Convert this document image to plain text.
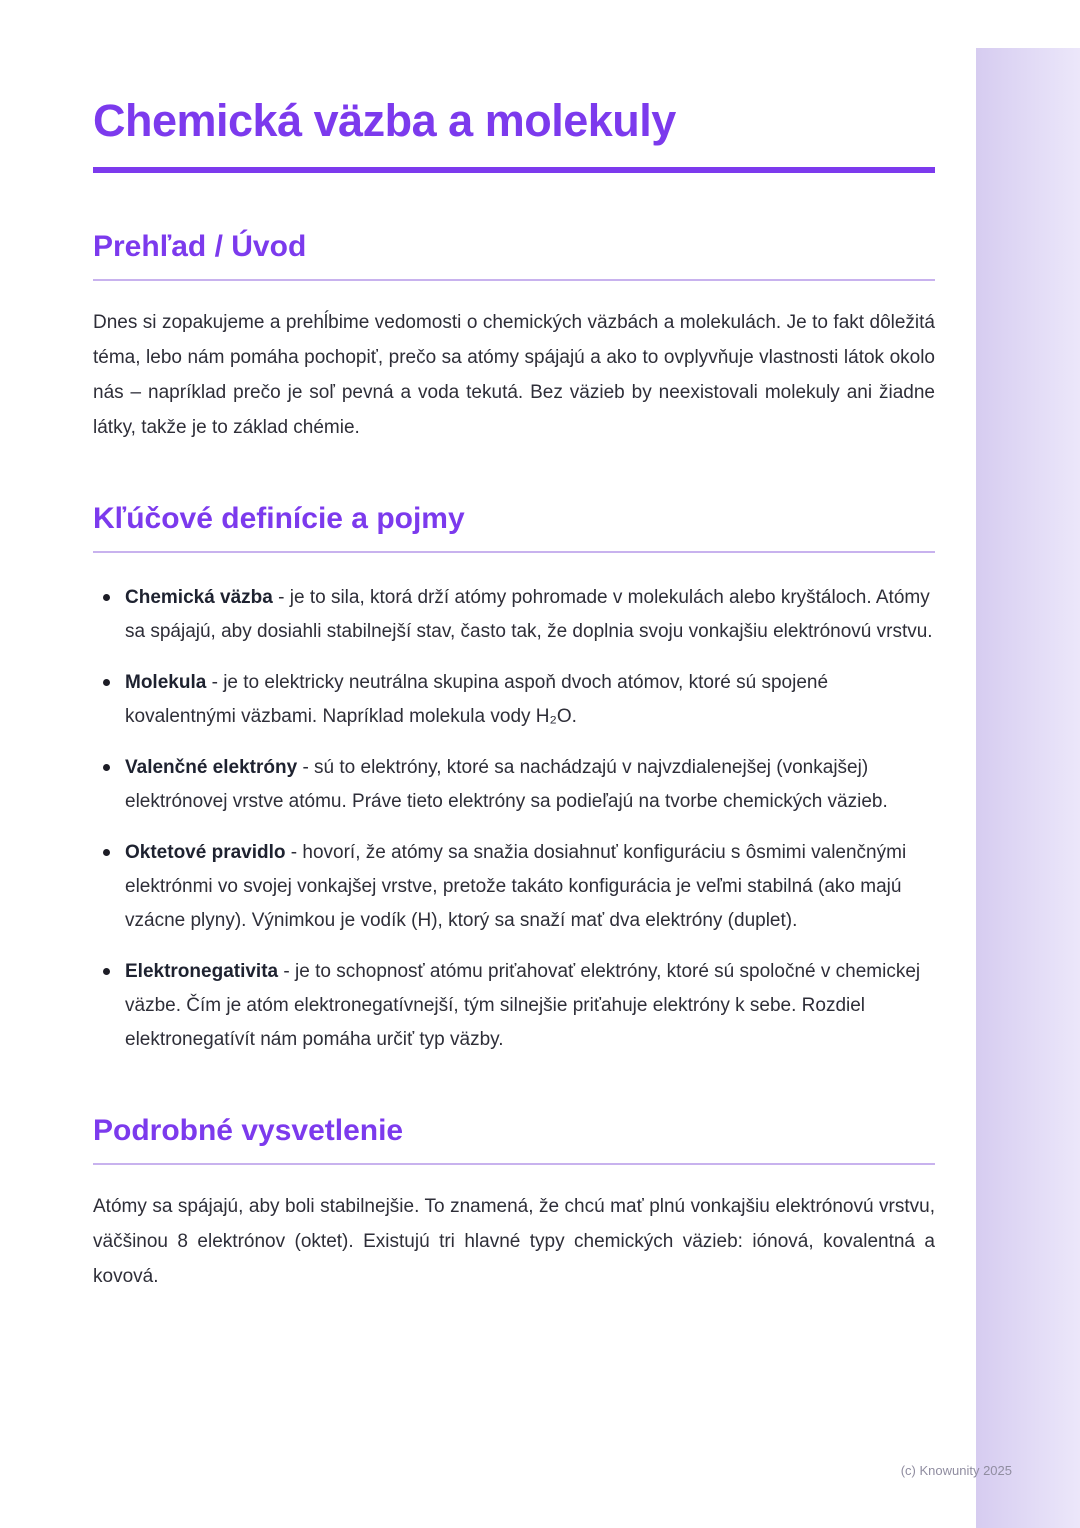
Chemická väzba a molekuly
Prehľad / Úvod

Dnes si zopakujeme a prehĺbime vedomosti o chemických väzbách a molekulách. Je to fakt dôležitá téma, lebo nám pomáha pochopiť, prečo sa atómy spájajú a ako to ovplyvňuje vlastnosti látok okolo nás – napríklad prečo je soľ pevná a voda tekutá. Bez väzieb by neexistovali molekuly ani žiadne látky, takže je to základ chémie.

Kľúčové definície a pojmy
Chemická väzba - je to sila, ktorá drží atómy pohromade v molekulách alebo kryštáloch. Atómy sa spájajú, aby dosiahli stabilnejší stav, často tak, že doplnia svoju vonkajšiu elektrónovú vrstvu.
Molekula - je to elektricky neutrálna skupina aspoň dvoch atómov, ktoré sú spojené kovalentnými väzbami. Napríklad molekula vody H₂O.
Valenčné elektróny - sú to elektróny, ktoré sa nachádzajú v najvzdialenejšej (vonkajšej) elektrónovej vrstve atómu. Práve tieto elektróny sa podieľajú na tvorbe chemických väzieb.
Oktetové pravidlo - hovorí, že atómy sa snažia dosiahnuť konfiguráciu s ôsmimi valenčnými elektrónmi vo svojej vonkajšej vrstve, pretože takáto konfigurácia je veľmi stabilná (ako majú vzácne plyny). Výnimkou je vodík (H), ktorý sa snaží mať dva elektróny (duplet).
Elektronegativita - je to schopnosť atómu priťahovať elektróny, ktoré sú spoločné v chemickej väzbe. Čím je atóm elektronegatívnejší, tým silnejšie priťahuje elektróny k sebe. Rozdiel elektronegatívít nám pomáha určiť typ väzby.
Podrobné vysvetlenie

Atómy sa spájajú, aby boli stabilnejšie. To znamená, že chcú mať plnú vonkajšiu elektrónovú vrstvu, väčšinou 8 elektrónov (oktet). Existujú tri hlavné typy chemických väzieb: iónová, kovalentná a kovová.

(c) Knowunity 2025
